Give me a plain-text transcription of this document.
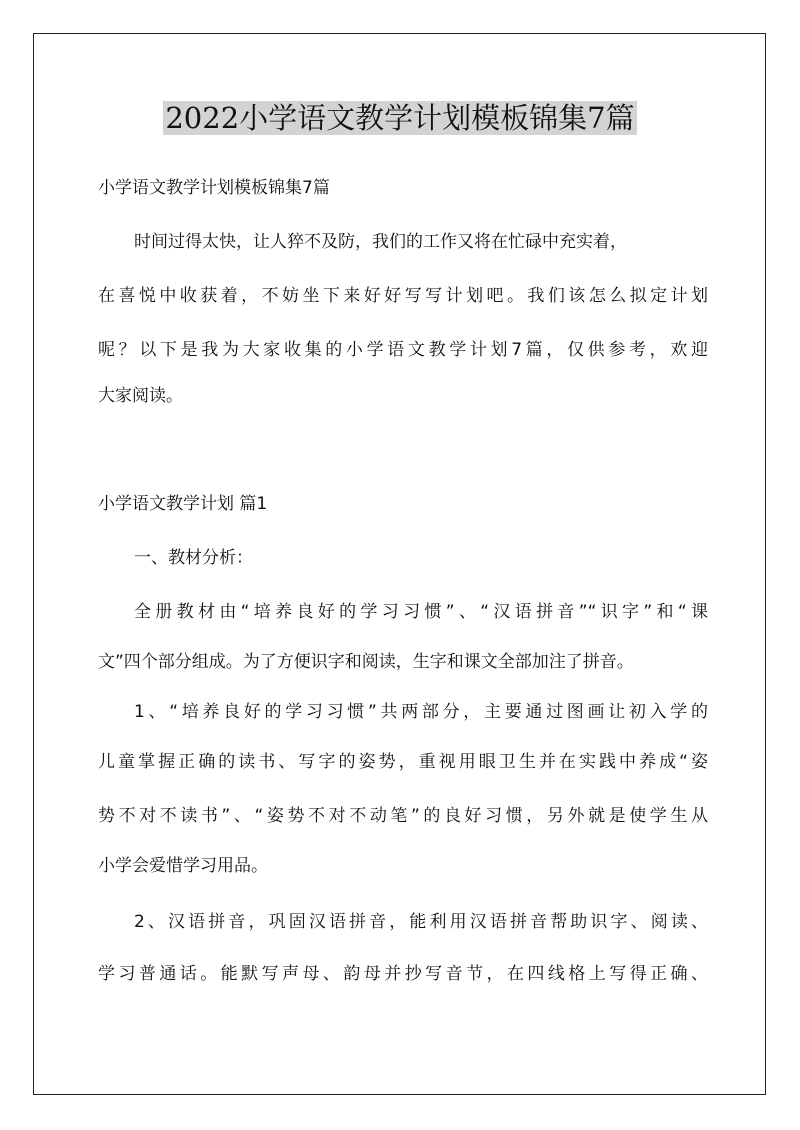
2022小学语文教学计划模板锦集7篇

小学语文教学计划模板锦集7篇

时间过得太快，让人猝不及防，我们的工作又将在忙碌中充实着，

在喜悦中收获着，不妨坐下来好好写写计划吧。我们该怎么拟定计划

呢？以下是我为大家收集的小学语文教学计划7篇，仅供参考，欢迎

大家阅读。

小学语文教学计划 篇1

一、教材分析：

全册教材由“培养良好的学习习惯”、“汉语拼音”“识字”和“课

文”四个部分组成。为了方便识字和阅读，生字和课文全部加注了拼音。

1、“培养良好的学习习惯”共两部分，主要通过图画让初入学的

儿童掌握正确的读书、写字的姿势，重视用眼卫生并在实践中养成“姿

势不对不读书”、“姿势不对不动笔”的良好习惯，另外就是使学生从

小学会爱惜学习用品。

2、汉语拼音，巩固汉语拼音，能利用汉语拼音帮助识字、阅读、

学习普通话。能默写声母、韵母并抄写音节，在四线格上写得正确、
